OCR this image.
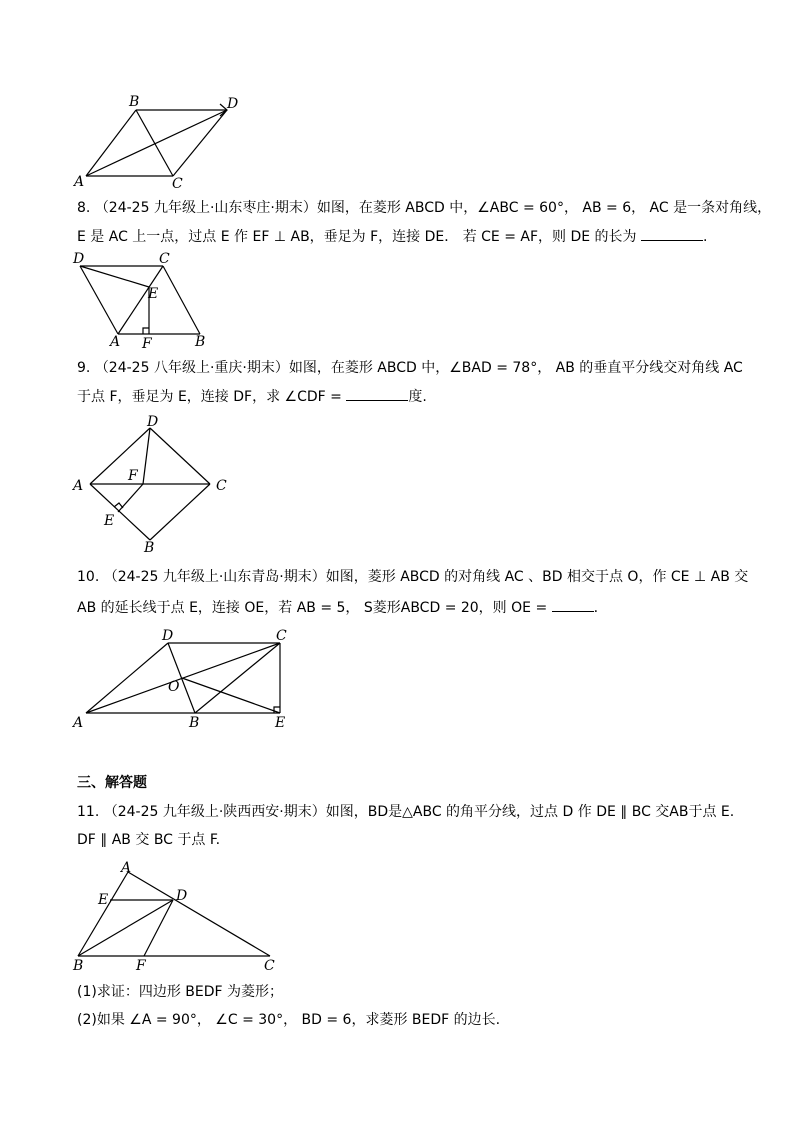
B	D
A	C
8. （24-25 九年级上·山东枣庄·期末）如图，在菱形 ABCD 中，∠ABC = 60°， AB = 6， AC 是一条对角线，
E 是 AC 上一点，过点 E 作 EF ⊥ AB，垂足为 F，连接 DE． 若 CE = AF，则 DE 的长为	.
D	C
E
A F	B
9. （24-25 八年级上·重庆·期末）如图，在菱形 ABCD 中，∠BAD = 78°， AB 的垂直平分线交对角线 AC
于点 F，垂足为 E，连接 DF，求 ∠CDF =	度.
D
A
F
C
E
B
10. （24-25 九年级上·山东青岛·期末）如图，菱形 ABCD 的对角线 AC 、BD 相交于点 O，作 CE ⊥ AB 交
AB 的延长线于点 E，连接 OE，若 AB = 5， S菱形ABCD = 20，则 OE =	.
D	C
O
A	B	E
三、解答题
11. （24-25 九年级上·陕西西安·期末）如图，BD是△ABC 的角平分线，过点 D 作 DE ∥ BC 交AB于点 E.
DF ∥ AB 交 BC 于点 F.
A
E	D
B	F	C
(1)求证：四边形 BEDF 为菱形；
(2)如果 ∠A = 90°， ∠C = 30°， BD = 6，求菱形 BEDF 的边长.
